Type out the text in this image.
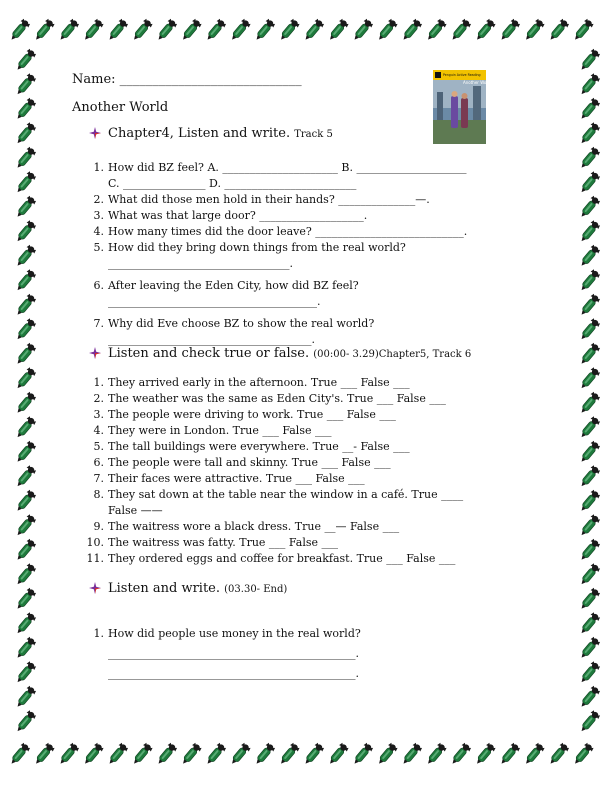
Name: ____________________________
Another World
Penguin Active Reading
Another World
Chapter4, Listen and write. Track 5
1. How did BZ feel? A. _____________________ B. ____________________
C. _______________ D. ________________________
2. What did those men hold in their hands? ______________—.
3. What was that large door? ___________________.
4. How many times did the door leave? ___________________________.
5. How did they bring down things from the real world?
_________________________________.
6. After leaving the Eden City, how did BZ feel?
______________________________________.
7. Why did Eve choose BZ to show the real world?
_____________________________________.
Listen and check true or false. (00:00- 3.29)Chapter5, Track 6
1. They arrived early in the afternoon. True ___ False ___
2. The weather was the same as Eden City's. True ___ False ___
3. The people were driving to work. True ___ False ___
4. They were in London. True ___ False ___
5. The tall buildings were everywhere. True __- False ___
6. The people were tall and skinny. True ___ False ___
7. Their faces were attractive. True ___ False ___
8. They sat down at the table near the window in a café. True ____
False ——
9. The waitress wore a black dress. True __— False ___
10. The waitress was fatty. True ___ False ___
11. They ordered eggs and coffee for breakfast. True ___ False ___
Listen and write. (03.30- End)
1. How did people use money in the real world?
_____________________________________________.
_____________________________________________.
